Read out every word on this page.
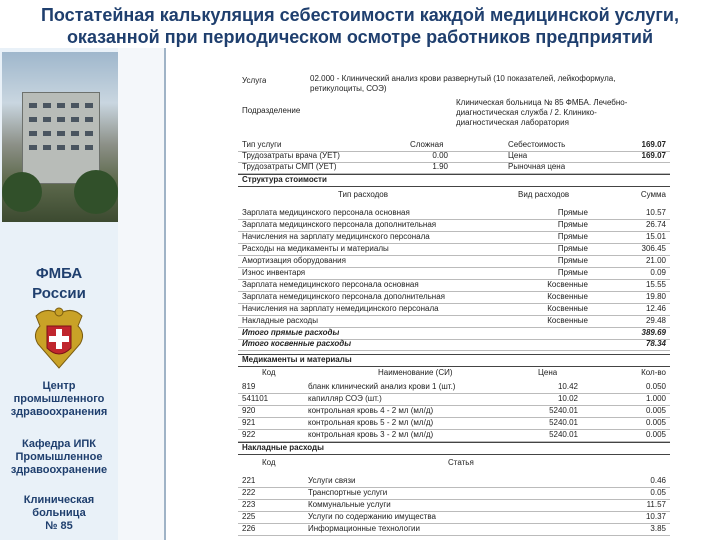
Постатейная калькуляция себестоимости каждой медицинской услуги,
оказанной при периодическом осмотре работников предприятий
ФМБА
России
Центр
промышленного
здравоохранения
Кафедра ИПК
Промышленное
здравоохранение
Клиническая
больница
№ 85
Услуга	02.000 - Клинический анализ крови развернутый (10 показателей, лейкоформула,
ретикулоциты, СОЭ)
Подразделение
Клиническая больница № 85 ФМБА. Лечебно-
диагностическая служба / 2. Клинико-
диагностическая лаборатория
Тип услуги	Сложная	Себестоимость	169.07
Трудозатраты врача (УЕТ)	0.00	Цена	169.07
Трудозатраты СМП (УЕТ)	1.90	Рыночная цена
Структура стоимости
Тип расходов	Вид расходов	Сумма
Зарплата медицинского персонала основная	Прямые	10.57
Зарплата медицинского персонала дополнительная	Прямые	26.74
Начисления на зарплату медицинского персонала	Прямые	15.01
Расходы на медикаменты и материалы	Прямые	306.45
Амортизация оборудования	Прямые	21.00
Износ инвентаря	Прямые	0.09
Зарплата немедицинского персонала основная	Косвенные	15.55
Зарплата немедицинского персонала дополнительная	Косвенные	19.80
Начисления на зарплату немедицинского персонала	Косвенные	12.46
Накладные расходы	Косвенные	29.48
Итого прямые расходы	389.69
Итого косвенные расходы	78.34
Медикаменты и материалы
Код	Наименование (СИ)	Цена	Кол-во
819	бланк клинический анализ крови 1 (шт.)	10.42	0.050
541101	капилляр СОЭ (шт.)	10.02	1.000
920	контрольная кровь 4 - 2 мл (мл/д)	5240.01	0.005
921	контрольная кровь 5 - 2 мл (мл/д)	5240.01	0.005
922	контрольная кровь 3 - 2 мл (мл/д)	5240.01	0.005
Накладные расходы
Код	Статья
221	Услуги связи	0.46
222	Транспортные услуги	0.05
223	Коммунальные услуги	11.57
225	Услуги по содержанию имущества	10.37
226	Информационные технологии	3.85
